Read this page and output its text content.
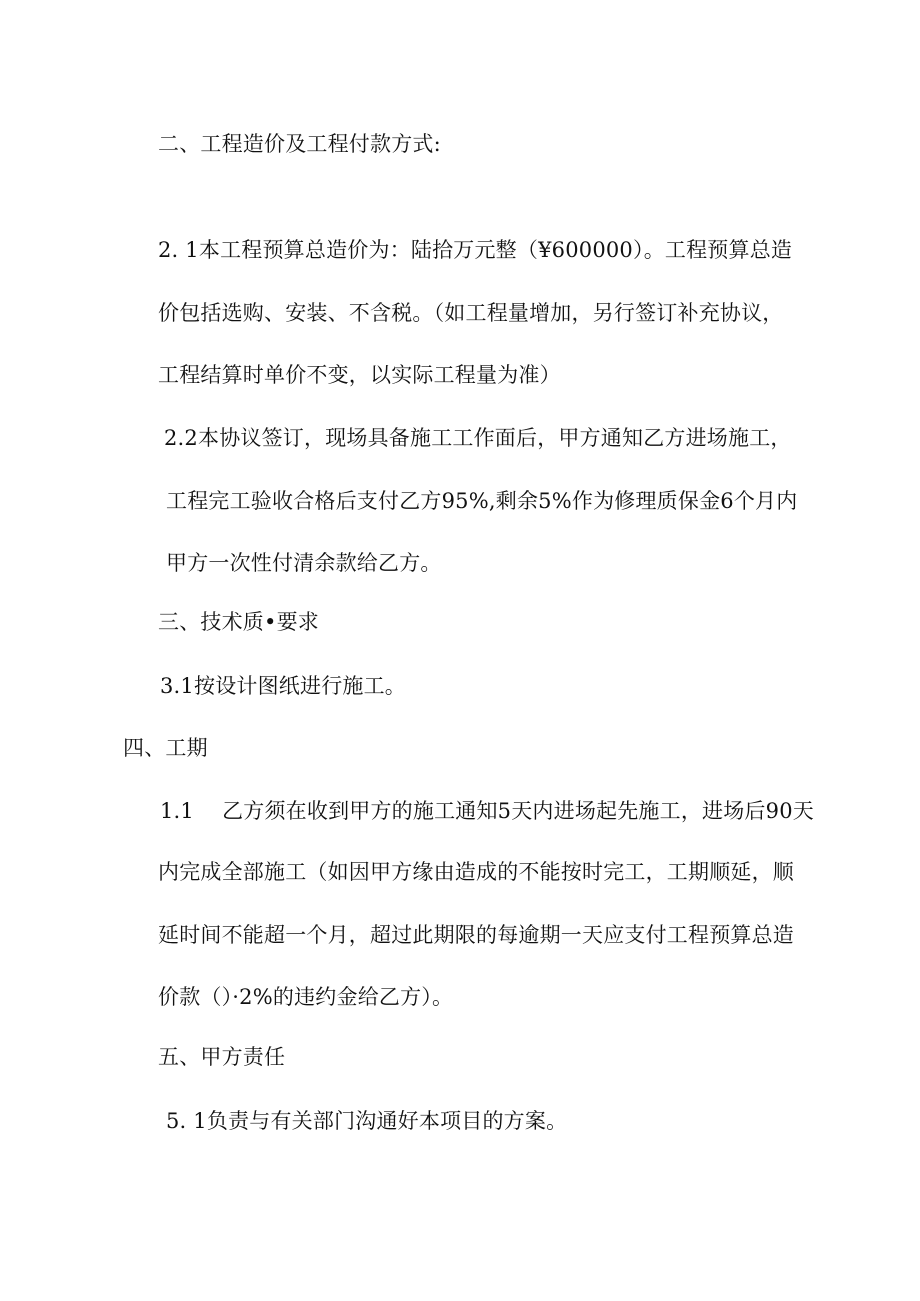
二、工程造价及工程付款方式:
2. 1本工程预算总造价为：陆拾万元整（¥600000）。工程预算总造
价包括选购、安装、不含税。（如工程量增加，另行签订补充协议，
工程结算时单价不变，以实际工程量为准）
2.2本协议签订，现场具备施工工作面后，甲方通知乙方进场施工，
工程完工验收合格后支付乙方95%,剩余5%作为修理质保金6个月内
甲方一次性付清余款给乙方。
三、技术质•要求
3.1按设计图纸进行施工。
四、工期
1.1　 乙方须在收到甲方的施工通知5天内进场起先施工，进场后90天
内完成全部施工（如因甲方缘由造成的不能按时完工，工期顺延，顺
延时间不能超一个月，超过此期限的每逾期一天应支付工程预算总造
价款（）·2%的违约金给乙方）。
五、甲方责任
5. 1负责与有关部门沟通好本项目的方案。
